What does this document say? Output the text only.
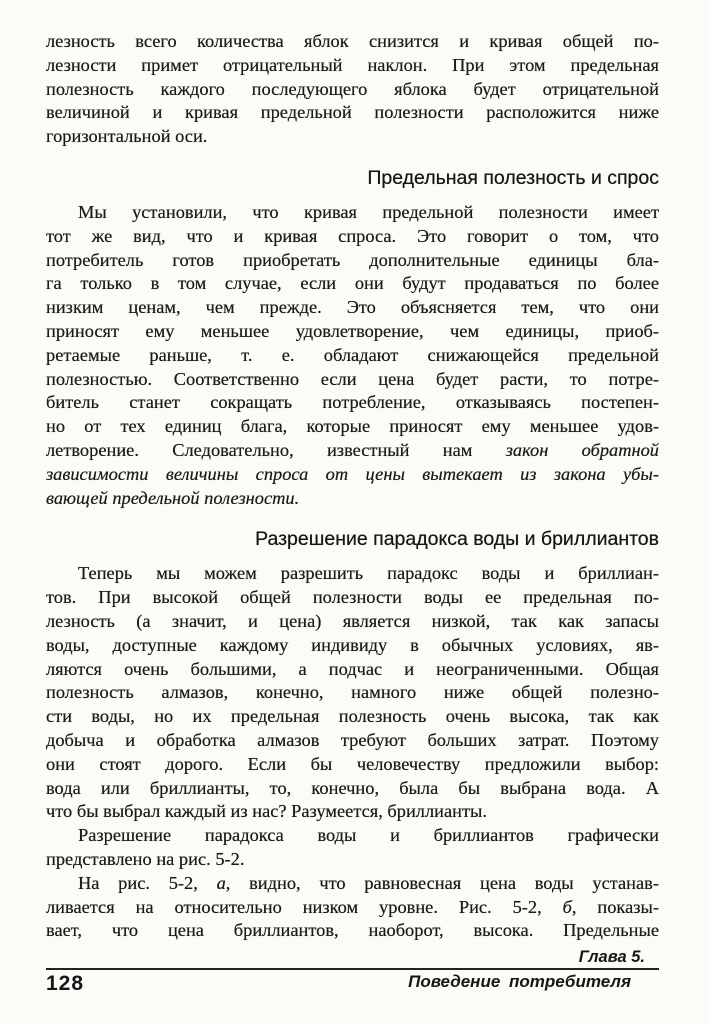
лезность всего количества яблок снизится и кривая общей по-
лезности примет отрицательный наклон. При этом предельная
полезность каждого последующего яблока будет отрицательной
величиной и кривая предельной полезности расположится ниже
горизонтальной оси.
Предельная полезность и спрос
Мы установили, что кривая предельной полезности имеет
тот же вид, что и кривая спроса. Это говорит о том, что
потребитель готов приобретать дополнительные единицы бла-
га только в том случае, если они будут продаваться по более
низким ценам, чем прежде. Это объясняется тем, что они
приносят ему меньшее удовлетворение, чем единицы, приоб-
ретаемые раньше, т. е. обладают снижающейся предельной
полезностью. Соответственно если цена будет расти, то потре-
битель станет сокращать потребление, отказываясь постепен-
но от тех единиц блага, которые приносят ему меньшее удов-
летворение. Следовательно, известный нам закон обратной
зависимости величины спроса от цены вытекает из закона убы-
вающей предельной полезности.
Разрешение парадокса воды и бриллиантов
Теперь мы можем разрешить парадокс воды и бриллиан-
тов. При высокой общей полезности воды ее предельная по-
лезность (а значит, и цена) является низкой, так как запасы
воды, доступные каждому индивиду в обычных условиях, яв-
ляются очень большими, а подчас и неограниченными. Общая
полезность алмазов, конечно, намного ниже общей полезно-
сти воды, но их предельная полезность очень высока, так как
добыча и обработка алмазов требуют больших затрат. Поэтому
они стоят дорого. Если бы человечеству предложили выбор:
вода или бриллианты, то, конечно, была бы выбрана вода. А
что бы выбрал каждый из нас? Разумеется, бриллианты.
Разрешение парадокса воды и бриллиантов графически
представлено на рис. 5-2.
На рис. 5-2, а, видно, что равновесная цена воды устанав-
ливается на относительно низком уровне. Рис. 5-2, б, показы-
вает, что цена бриллиантов, наоборот, высока. Предельные
Глава 5.
128	Поведение потребителя
